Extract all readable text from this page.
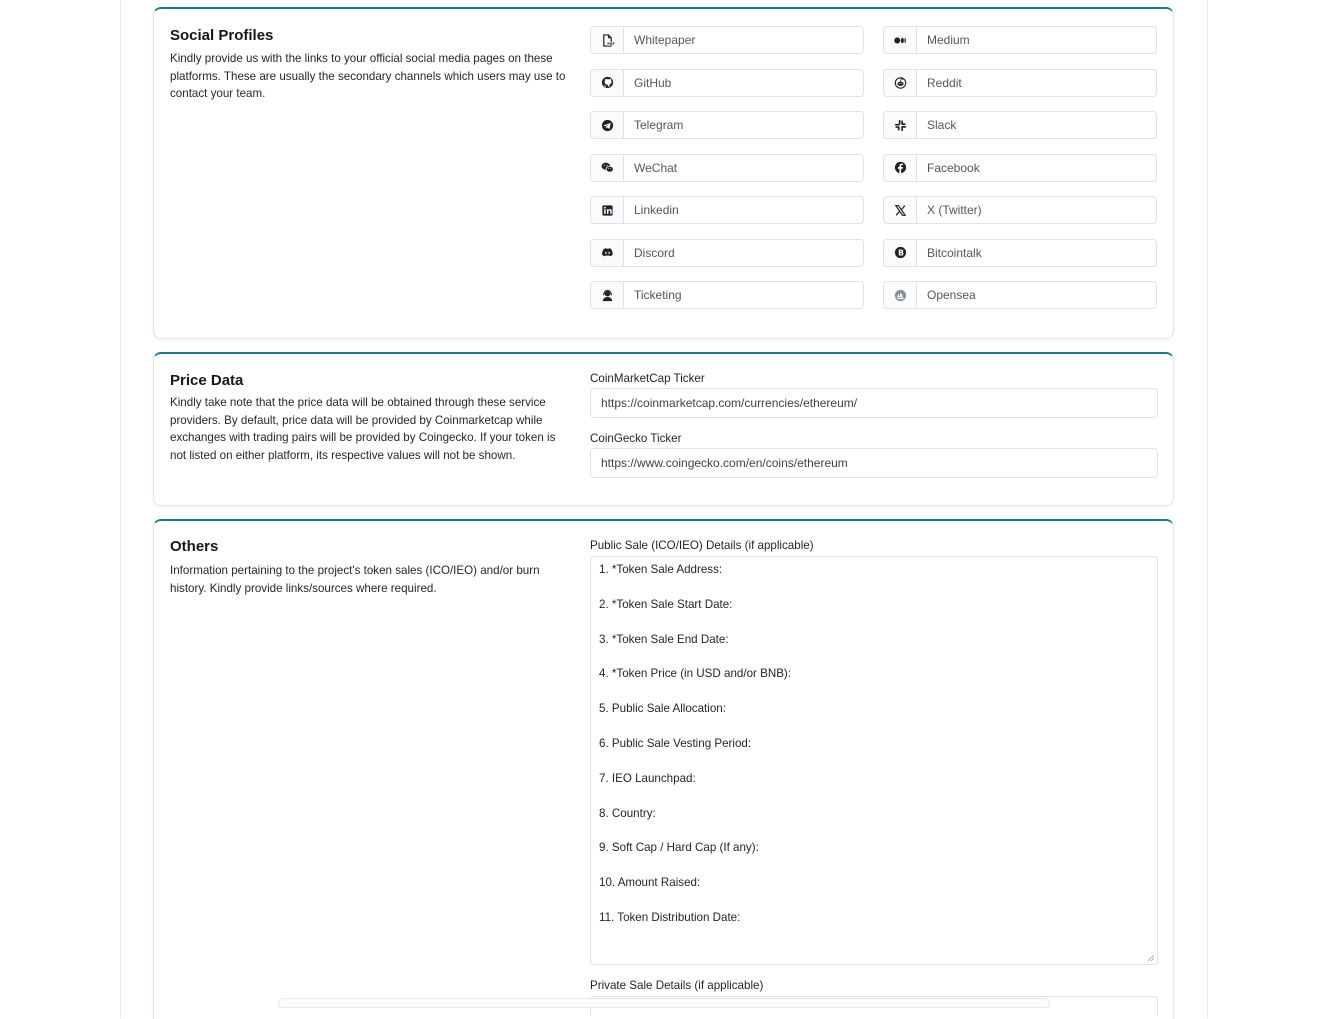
Social Profiles
Kindly provide us with the links to your official social media pages on these platforms. These are usually the secondary channels which users may use to contact your team.
PDF
Whitepaper
Medium
GitHub
Reddit
Telegram
Slack
WeChat
Facebook
Linkedin
X (Twitter)
Discord
B
Bitcointalk
Ticketing
Opensea
Price Data
Kindly take note that the price data will be obtained through these service providers. By default, price data will be provided by Coinmarketcap while exchanges with trading pairs will be provided by Coingecko. If your token is not listed on either platform, its respective values will not be shown.
CoinMarketCap Ticker
https://coinmarketcap.com/currencies/ethereum/
CoinGecko Ticker
https://www.coingecko.com/en/coins/ethereum
Others
Information pertaining to the project's token sales (ICO/IEO) and/or burn history. Kindly provide links/sources where required.
Public Sale (ICO/IEO) Details (if applicable)
1. *Token Sale Address:
2. *Token Sale Start Date:
3. *Token Sale End Date:
4. *Token Price (in USD and/or BNB):
5. Public Sale Allocation:
6. Public Sale Vesting Period:
7. IEO Launchpad:
8. Country:
9. Soft Cap / Hard Cap (If any):
10. Amount Raised:
11. Token Distribution Date:
Private Sale Details (if applicable)
